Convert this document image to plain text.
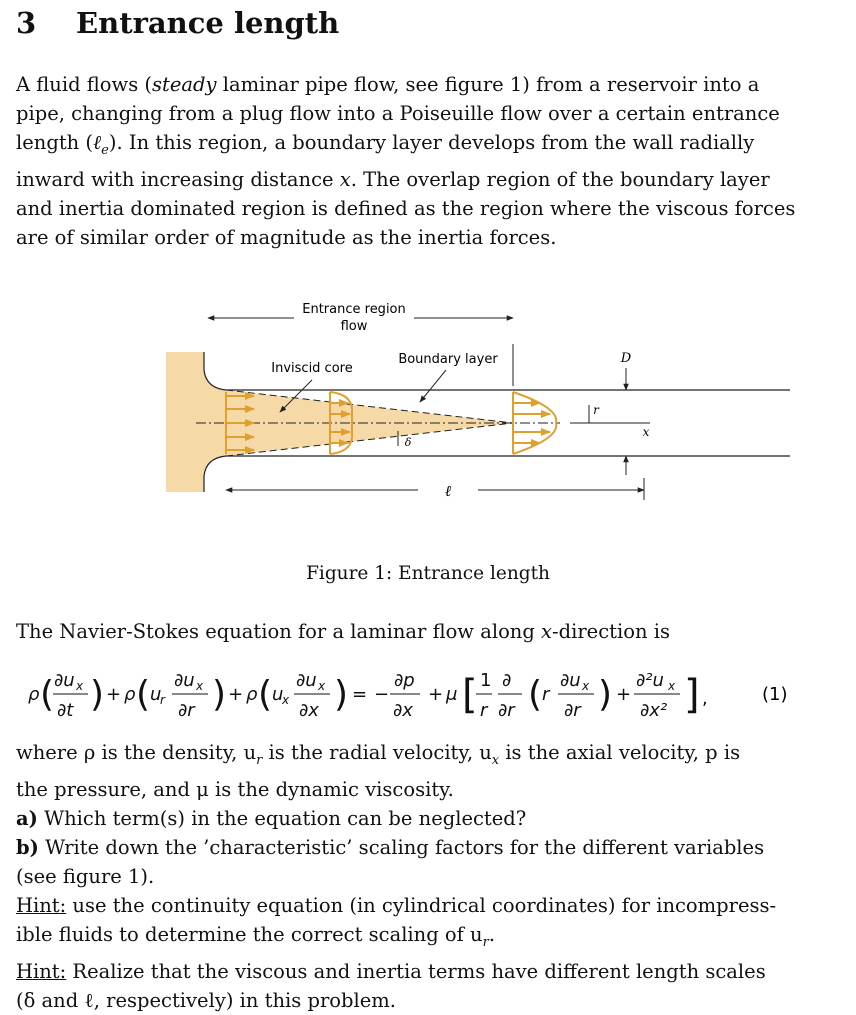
3 Entrance length
A fluid flows (steady laminar pipe flow, see figure 1) from a reservoir into a
pipe, changing from a plug flow into a Poiseuille flow over a certain entrance
length (ℓ$_e$). In this region, a boundary layer develops from the wall radially
inward with increasing distance x. The overlap region of the boundary layer
and inertia dominated region is defined as the region where the viscous forces
are of similar order of magnitude as the inertia forces.
Entrance region
flow
Inviscid core
Boundary layer
δ
r
x
D
ℓ
Figure 1: Entrance length
The Navier-Stokes equation for a laminar flow along x-direction is
ρ ( ∂u x
∂t ) + ρ ( u
r
∂u x
∂r ) + ρ ( u
x
∂u x
∂x ) = −
∂p
∂x
+ μ [ 1
r
∂
∂r ( r
∂u x
∂r ) +
∂²u x
∂x² ] ,	(1)
where ρ is the density, $u_r$ is the radial velocity, $u_x$ is the axial velocity, p is
the pressure, and μ is the dynamic viscosity.
a) Which term(s) in the equation can be neglected?
b) Write down the ’characteristic’ scaling factors for the different variables
(see figure 1).
Hint: use the continuity equation (in cylindrical coordinates) for incompress-
ible fluids to determine the correct scaling of $u_r$.
Hint: Realize that the viscous and inertia terms have different length scales
(δ and ℓ, respectively) in this problem.
